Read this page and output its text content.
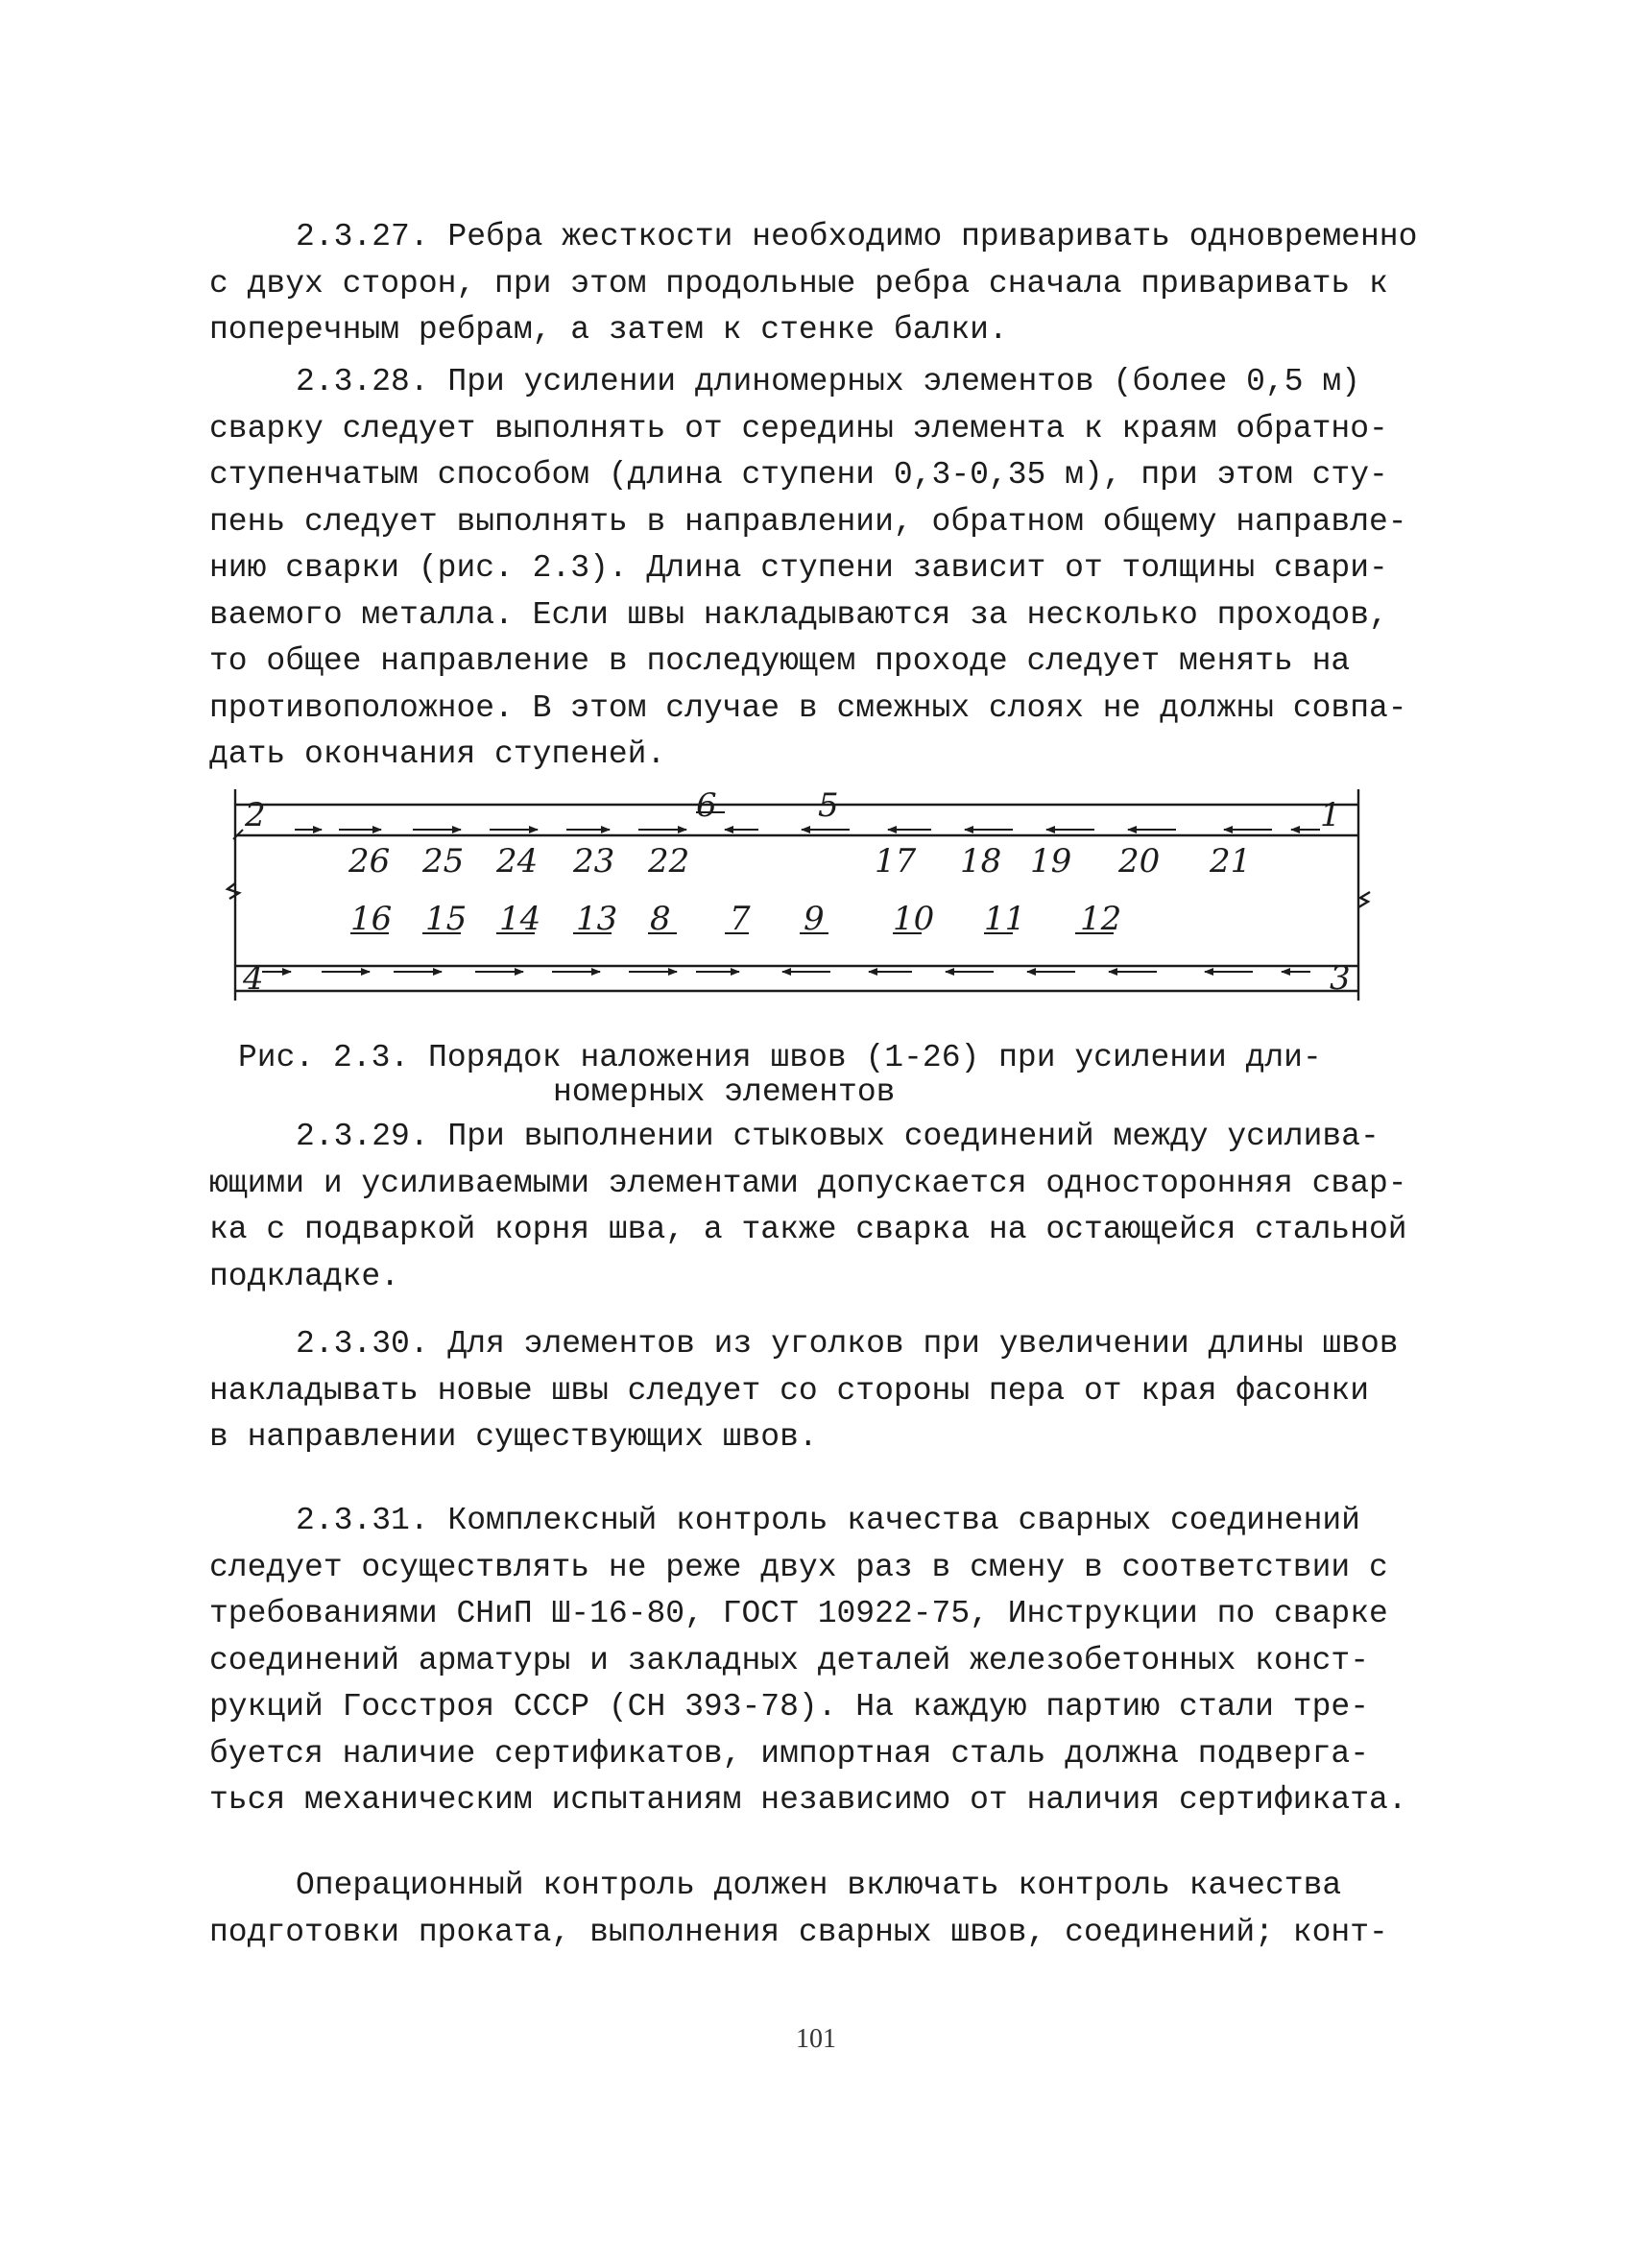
2.3.27. Ребра жесткости необходимо приваривать одновременно

с двух сторон, при этом продольные ребра сначала приваривать к

поперечным ребрам, а затем к стенке балки.

2.3.28. При усилении длиномерных элементов (более 0,5 м)

сварку следует выполнять от середины элемента к краям обратно-

ступенчатым способом (длина ступени 0,3-0,35 м), при этом сту-

пень следует выполнять в направлении, обратном общему направле-

нию сварки (рис. 2.3). Длина ступени зависит от толщины свари-

ваемого металла. Если швы накладываются за несколько проходов,

то общее направление в последующем проходе следует менять на

противоположное. В этом случае в смежных слоях не должны совпа-

дать окончания ступеней.

2	6	5	1
26 25 24 23 22	17 18 19 20 21
16 15 14 13 8 7 9 10 11 12
4	3

Рис. 2.3. Порядок наложения швов (1-26) при усилении дли-

номерных элементов

2.3.29. При выполнении стыковых соединений между усилива-

ющими и усиливаемыми элементами допускается односторонняя свар-

ка с подваркой корня шва, а также сварка на остающейся стальной

подкладке.

2.3.30. Для элементов из уголков при увеличении длины швов

накладывать новые швы следует со стороны пера от края фасонки

в направлении существующих швов.

2.3.31. Комплексный контроль качества сварных соединений

следует осуществлять не реже двух раз в смену в соответствии с

требованиями СНиП Ш-16-80, ГОСТ 10922-75, Инструкции по сварке

соединений арматуры и закладных деталей железобетонных конст-

рукций Госстроя СССР (СН 393-78). На каждую партию стали тре-

буется наличие сертификатов, импортная сталь должна подверга-

ться механическим испытаниям независимо от наличия сертификата.

Операционный контроль должен включать контроль качества

подготовки проката, выполнения сварных швов, соединений; конт-

101
